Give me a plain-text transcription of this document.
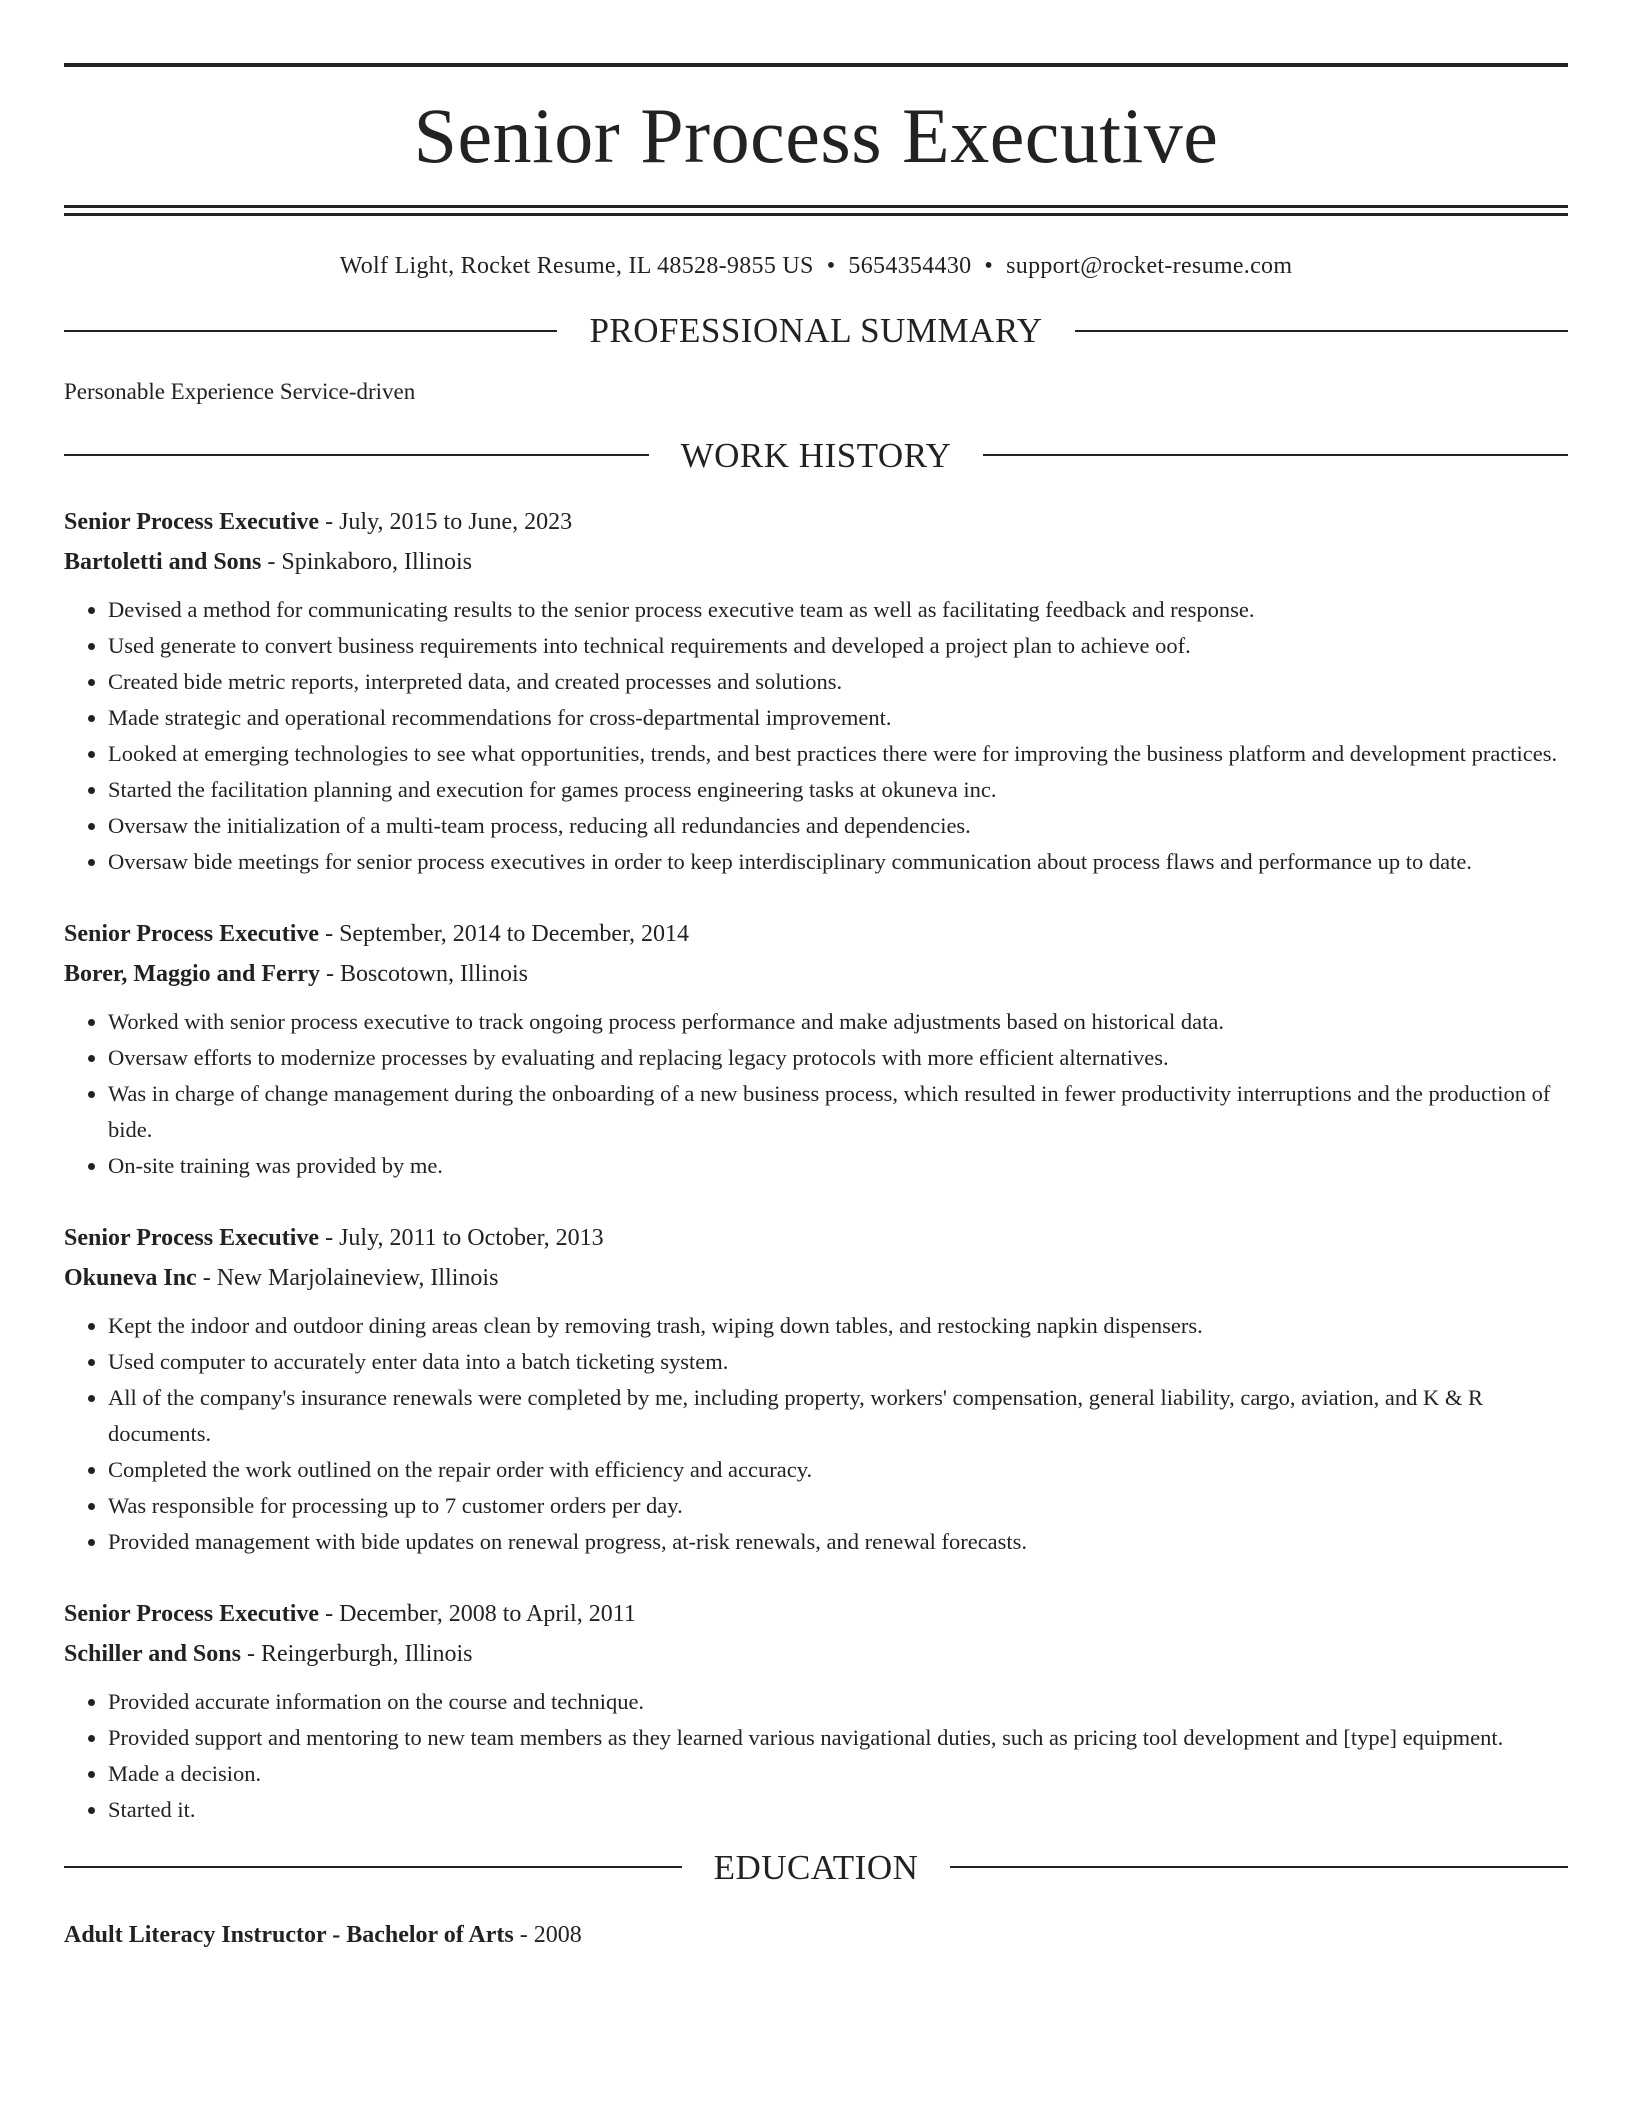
Senior Process Executive
Wolf Light, Rocket Resume, IL 48528-9855 US • 5654354430 • support@rocket-resume.com
PROFESSIONAL SUMMARY
Personable Experience Service-driven
WORK HISTORY
Senior Process Executive - July, 2015 to June, 2023
Bartoletti and Sons - Spinkaboro, Illinois
• Devised a method for communicating results to the senior process executive team as well as facilitating feedback and response.
• Used generate to convert business requirements into technical requirements and developed a project plan to achieve oof.
• Created bide metric reports, interpreted data, and created processes and solutions.
• Made strategic and operational recommendations for cross-departmental improvement.
• Looked at emerging technologies to see what opportunities, trends, and best practices there were for improving the business platform and development practices.
• Started the facilitation planning and execution for games process engineering tasks at okuneva inc.
• Oversaw the initialization of a multi-team process, reducing all redundancies and dependencies.
• Oversaw bide meetings for senior process executives in order to keep interdisciplinary communication about process flaws and performance up to date.
Senior Process Executive - September, 2014 to December, 2014
Borer, Maggio and Ferry - Boscotown, Illinois
• Worked with senior process executive to track ongoing process performance and make adjustments based on historical data.
• Oversaw efforts to modernize processes by evaluating and replacing legacy protocols with more efficient alternatives.
• Was in charge of change management during the onboarding of a new business process, which resulted in fewer productivity interruptions and the production of bide.
• On-site training was provided by me.
Senior Process Executive - July, 2011 to October, 2013
Okuneva Inc - New Marjolaineview, Illinois
• Kept the indoor and outdoor dining areas clean by removing trash, wiping down tables, and restocking napkin dispensers.
• Used computer to accurately enter data into a batch ticketing system.
• All of the company's insurance renewals were completed by me, including property, workers' compensation, general liability, cargo, aviation, and K & R documents.
• Completed the work outlined on the repair order with efficiency and accuracy.
• Was responsible for processing up to 7 customer orders per day.
• Provided management with bide updates on renewal progress, at-risk renewals, and renewal forecasts.
Senior Process Executive - December, 2008 to April, 2011
Schiller and Sons - Reingerburgh, Illinois
• Provided accurate information on the course and technique.
• Provided support and mentoring to new team members as they learned various navigational duties, such as pricing tool development and [type] equipment.
• Made a decision.
• Started it.
EDUCATION
Adult Literacy Instructor - Bachelor of Arts - 2008
